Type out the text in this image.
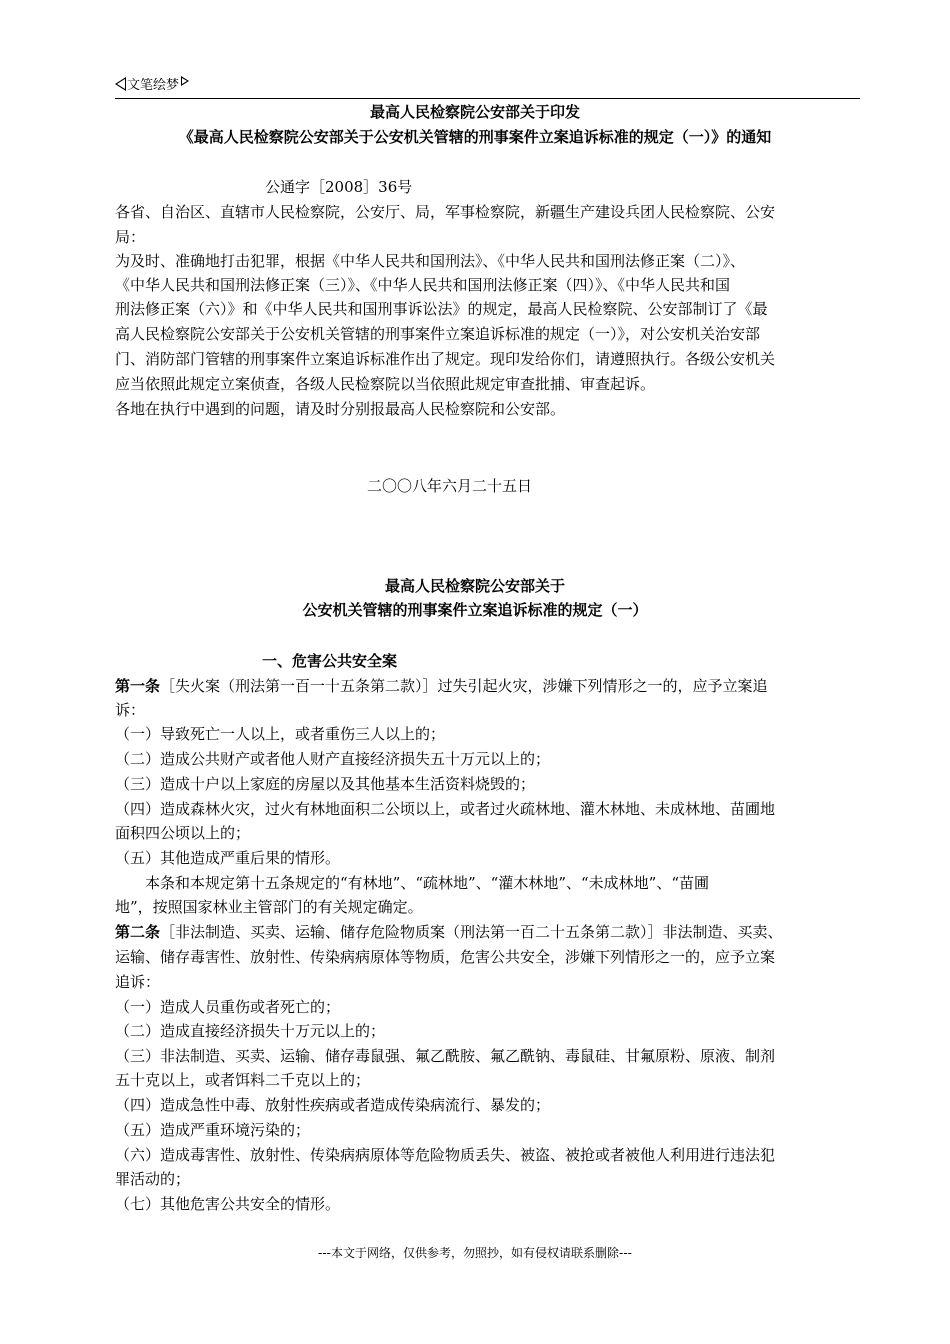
文笔绘梦
最高人民检察院公安部关于印发
《最高人民检察院公安部关于公安机关管辖的刑事案件立案追诉标准的规定（一）》的通知
公通字［2008］36号
各省、自治区、直辖市人民检察院，公安厅、局，军事检察院，新疆生产建设兵团人民检察院、公安
局：
为及时、准确地打击犯罪，根据《中华人民共和国刑法》、《中华人民共和国刑法修正案（二）》、
《中华人民共和国刑法修正案（三）》、《中华人民共和国刑法修正案（四）》、《中华人民共和国
刑法修正案（六）》和《中华人民共和国刑事诉讼法》的规定，最高人民检察院、公安部制订了《最
高人民检察院公安部关于公安机关管辖的刑事案件立案追诉标准的规定（一）》，对公安机关治安部
门、消防部门管辖的刑事案件立案追诉标准作出了规定。现印发给你们，请遵照执行。各级公安机关
应当依照此规定立案侦查，各级人民检察院以当依照此规定审查批捕、审查起诉。
各地在执行中遇到的问题，请及时分别报最高人民检察院和公安部。
二〇〇八年六月二十五日
最高人民检察院公安部关于
公安机关管辖的刑事案件立案追诉标准的规定（一）
一、危害公共安全案
第一条［失火案（刑法第一百一十五条第二款）］过失引起火灾，涉嫌下列情形之一的，应予立案追
诉：
（一）导致死亡一人以上，或者重伤三人以上的；
（二）造成公共财产或者他人财产直接经济损失五十万元以上的；
（三）造成十户以上家庭的房屋以及其他基本生活资料烧毁的；
（四）造成森林火灾，过火有林地面积二公顷以上，或者过火疏林地、灌木林地、未成林地、苗圃地
面积四公顷以上的；
（五）其他造成严重后果的情形。
　　本条和本规定第十五条规定的“有林地”、“疏林地”、“灌木林地”、“未成林地”、“苗圃
地”，按照国家林业主管部门的有关规定确定。
第二条［非法制造、买卖、运输、储存危险物质案（刑法第一百二十五条第二款）］非法制造、买卖、
运输、储存毒害性、放射性、传染病病原体等物质，危害公共安全，涉嫌下列情形之一的，应予立案
追诉：
（一）造成人员重伤或者死亡的；
（二）造成直接经济损失十万元以上的；
（三）非法制造、买卖、运输、储存毒鼠强、氟乙酰胺、氟乙酰钠、毒鼠硅、甘氟原粉、原液、制剂
五十克以上，或者饵料二千克以上的；
（四）造成急性中毒、放射性疾病或者造成传染病流行、暴发的；
（五）造成严重环境污染的；
（六）造成毒害性、放射性、传染病病原体等危险物质丢失、被盗、被抢或者被他人利用进行违法犯
罪活动的；
（七）其他危害公共安全的情形。
---本文于网络，仅供参考，勿照抄，如有侵权请联系删除---
